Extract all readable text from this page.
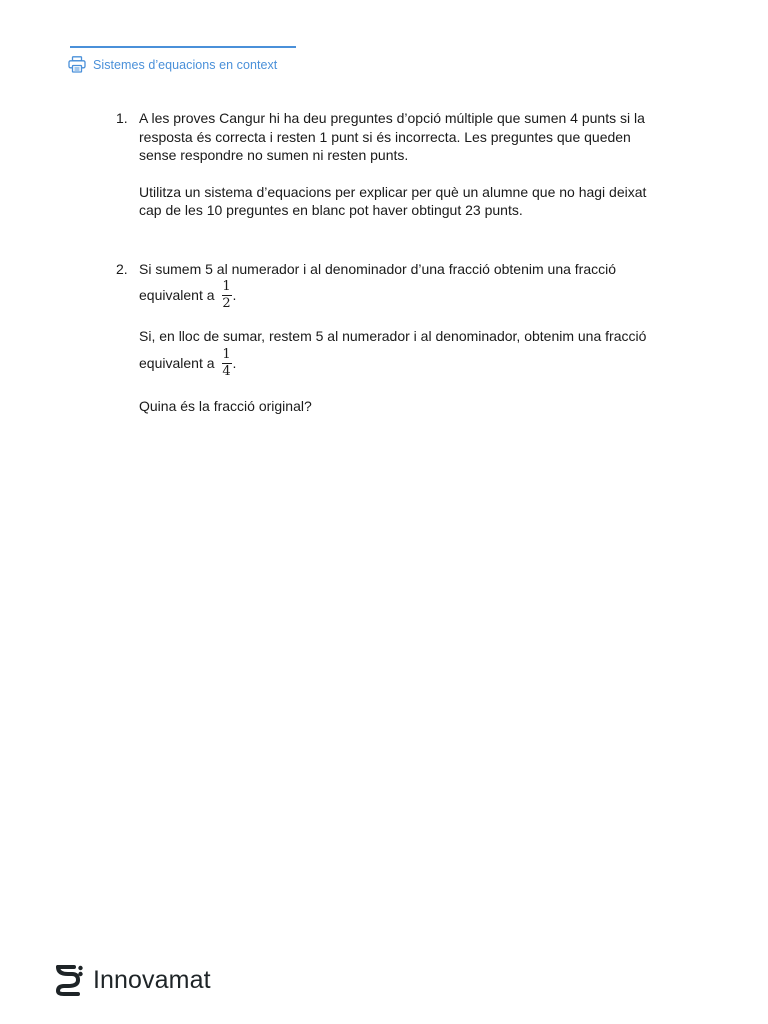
Sistemes d’equacions en context
1. A les proves Cangur hi ha deu preguntes d’opció múltiple que sumen 4 punts si la resposta és correcta i resten 1 punt si és incorrecta. Les preguntes que queden sense respondre no sumen ni resten punts.

Utilitza un sistema d’equacions per explicar per què un alumne que no hagi deixat cap de les 10 preguntes en blanc pot haver obtingut 23 punts.

2. Si sumem 5 al numerador i al denominador d’una fracció obtenim una fracció

equivalent a $\frac{1}{2}$ .

Si, en lloc de sumar, restem 5 al numerador i al denominador, obtenim una fracció

equivalent a $\frac{1}{4}$ .

Quina és la fracció original?

Innovamat
